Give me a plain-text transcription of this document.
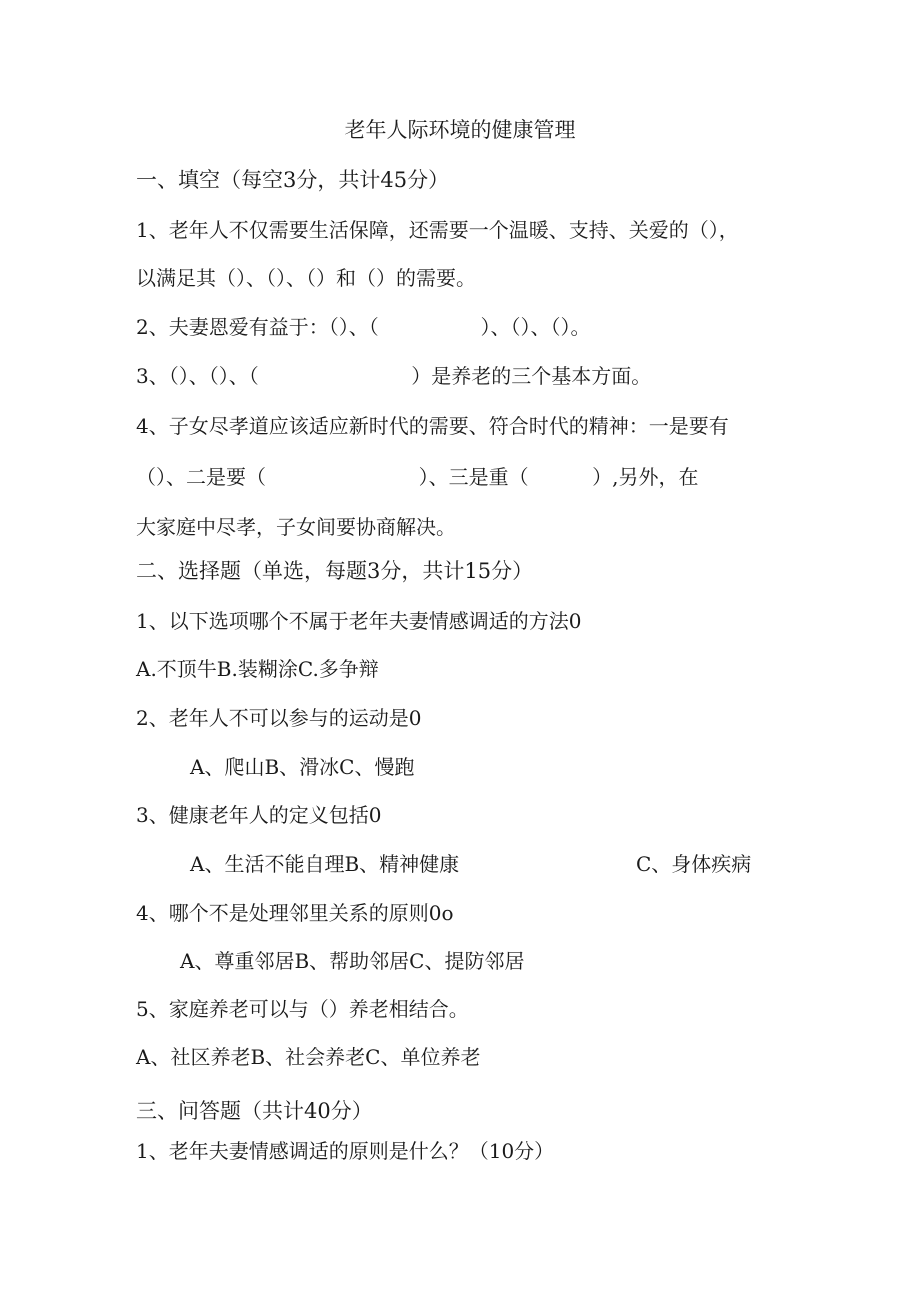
老年人际环境的健康管理
一、填空（每空3分，共计45分）
1、老年人不仅需要生活保障，还需要一个温暖、支持、关爱的（），
以满足其（）、（）、（）和（）的需要。
2、夫妻恩爱有益于：（）、（                ）、（）、（）。
3、（）、（）、（                        ）是养老的三个基本方面。
4、子女尽孝道应该适应新时代的需要、符合时代的精神：一是要有
（）、二是要（                        ）、三是重（          ）,另外，在
大家庭中尽孝，子女间要协商解决。
二、选择题（单选，每题3分，共计15分）
1、以下选项哪个不属于老年夫妻情感调适的方法0
A.不顶牛B.装糊涂C.多争辩
2、老年人不可以参与的运动是0
A、爬山B、滑冰C、慢跑
3、健康老年人的定义包括0
A、生活不能自理B、精神健康	C、身体疾病
4、哪个不是处理邻里关系的原则0o
A、尊重邻居B、帮助邻居C、提防邻居
5、家庭养老可以与（）养老相结合。
A、社区养老B、社会养老C、单位养老
三、问答题（共计40分）
1、老年夫妻情感调适的原则是什么？（10分）
